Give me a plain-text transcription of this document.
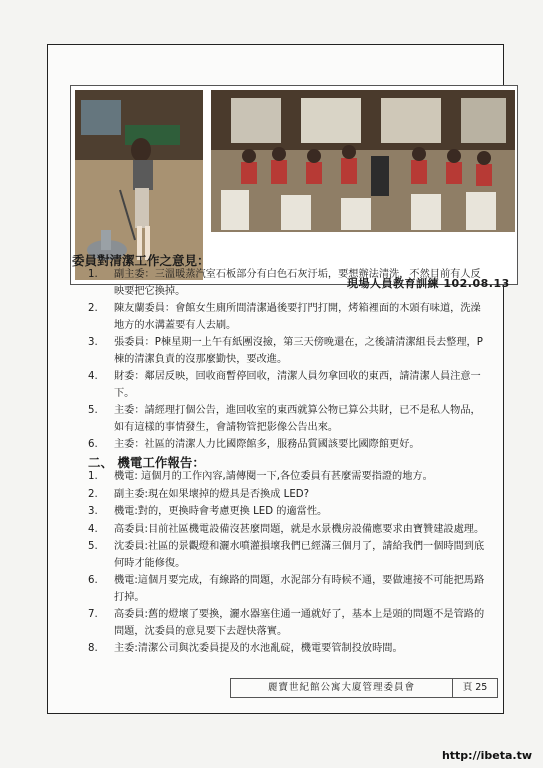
現場人員教育訓練 102.08.13
委員對清潔工作之意見：
1. 副主委：三溫暖蒸汽室石板部分有白色石灰汙垢，要想辦法清洗，不然目前有人反映要把它換掉。
2. 陳友蘭委員：會館女生廁所間清潔過後要打門打開，烤箱裡面的木頭有味道，洗澡地方的水溝蓋要有人去刷。
3. 張委員：P棟星期一上午有紙團沒撿，第三天傍晚還在，之後請清潔組長去整理，P棟的清潔負責的沒那麼勤快，要改進。
4. 財委：鄰居反映，回收商暫停回收，清潔人員勿拿回收的東西，請清潔人員注意一下。
5. 主委：請經理打個公告，進回收室的東西就算公物已算公共財，已不是私人物品，如有這樣的事情發生，會請物管把影像公告出來。
6. 主委：社區的清潔人力比國際館多，服務品質國該要比國際館更好。
二、 機電工作報告：
1. 機電: 這個月的工作內容,請傳閱一下,各位委員有甚麼需要指證的地方。
2. 副主委:現在如果壞掉的燈具是否換成 LED?
3. 機電:對的，更換時會考慮更換 LED 的適當性。
4. 高委員:目前社區機電設備沒甚麼問題，就是水景機房設備應要求由寶贊建設處理。
5. 沈委員:社區的景觀燈和灑水噴灌損壞我們已經滿三個月了，請給我們一個時間到底何時才能修復。
6. 機電:這個月要完成，有線路的問題，水泥部分有時候不通，要做連接不可能把馬路打掉。
7. 高委員:舊的燈壞了要換，灑水器塞住通一通就好了，基本上是頭的問題不是管路的問題，沈委員的意見要下去趕快落實。
8. 主委:清潔公司與沈委員提及的水池亂碇，機電要管制投放時間。
麗寶世紀館公寓大廈管理委員會	頁 25
http://ibeta.tw
